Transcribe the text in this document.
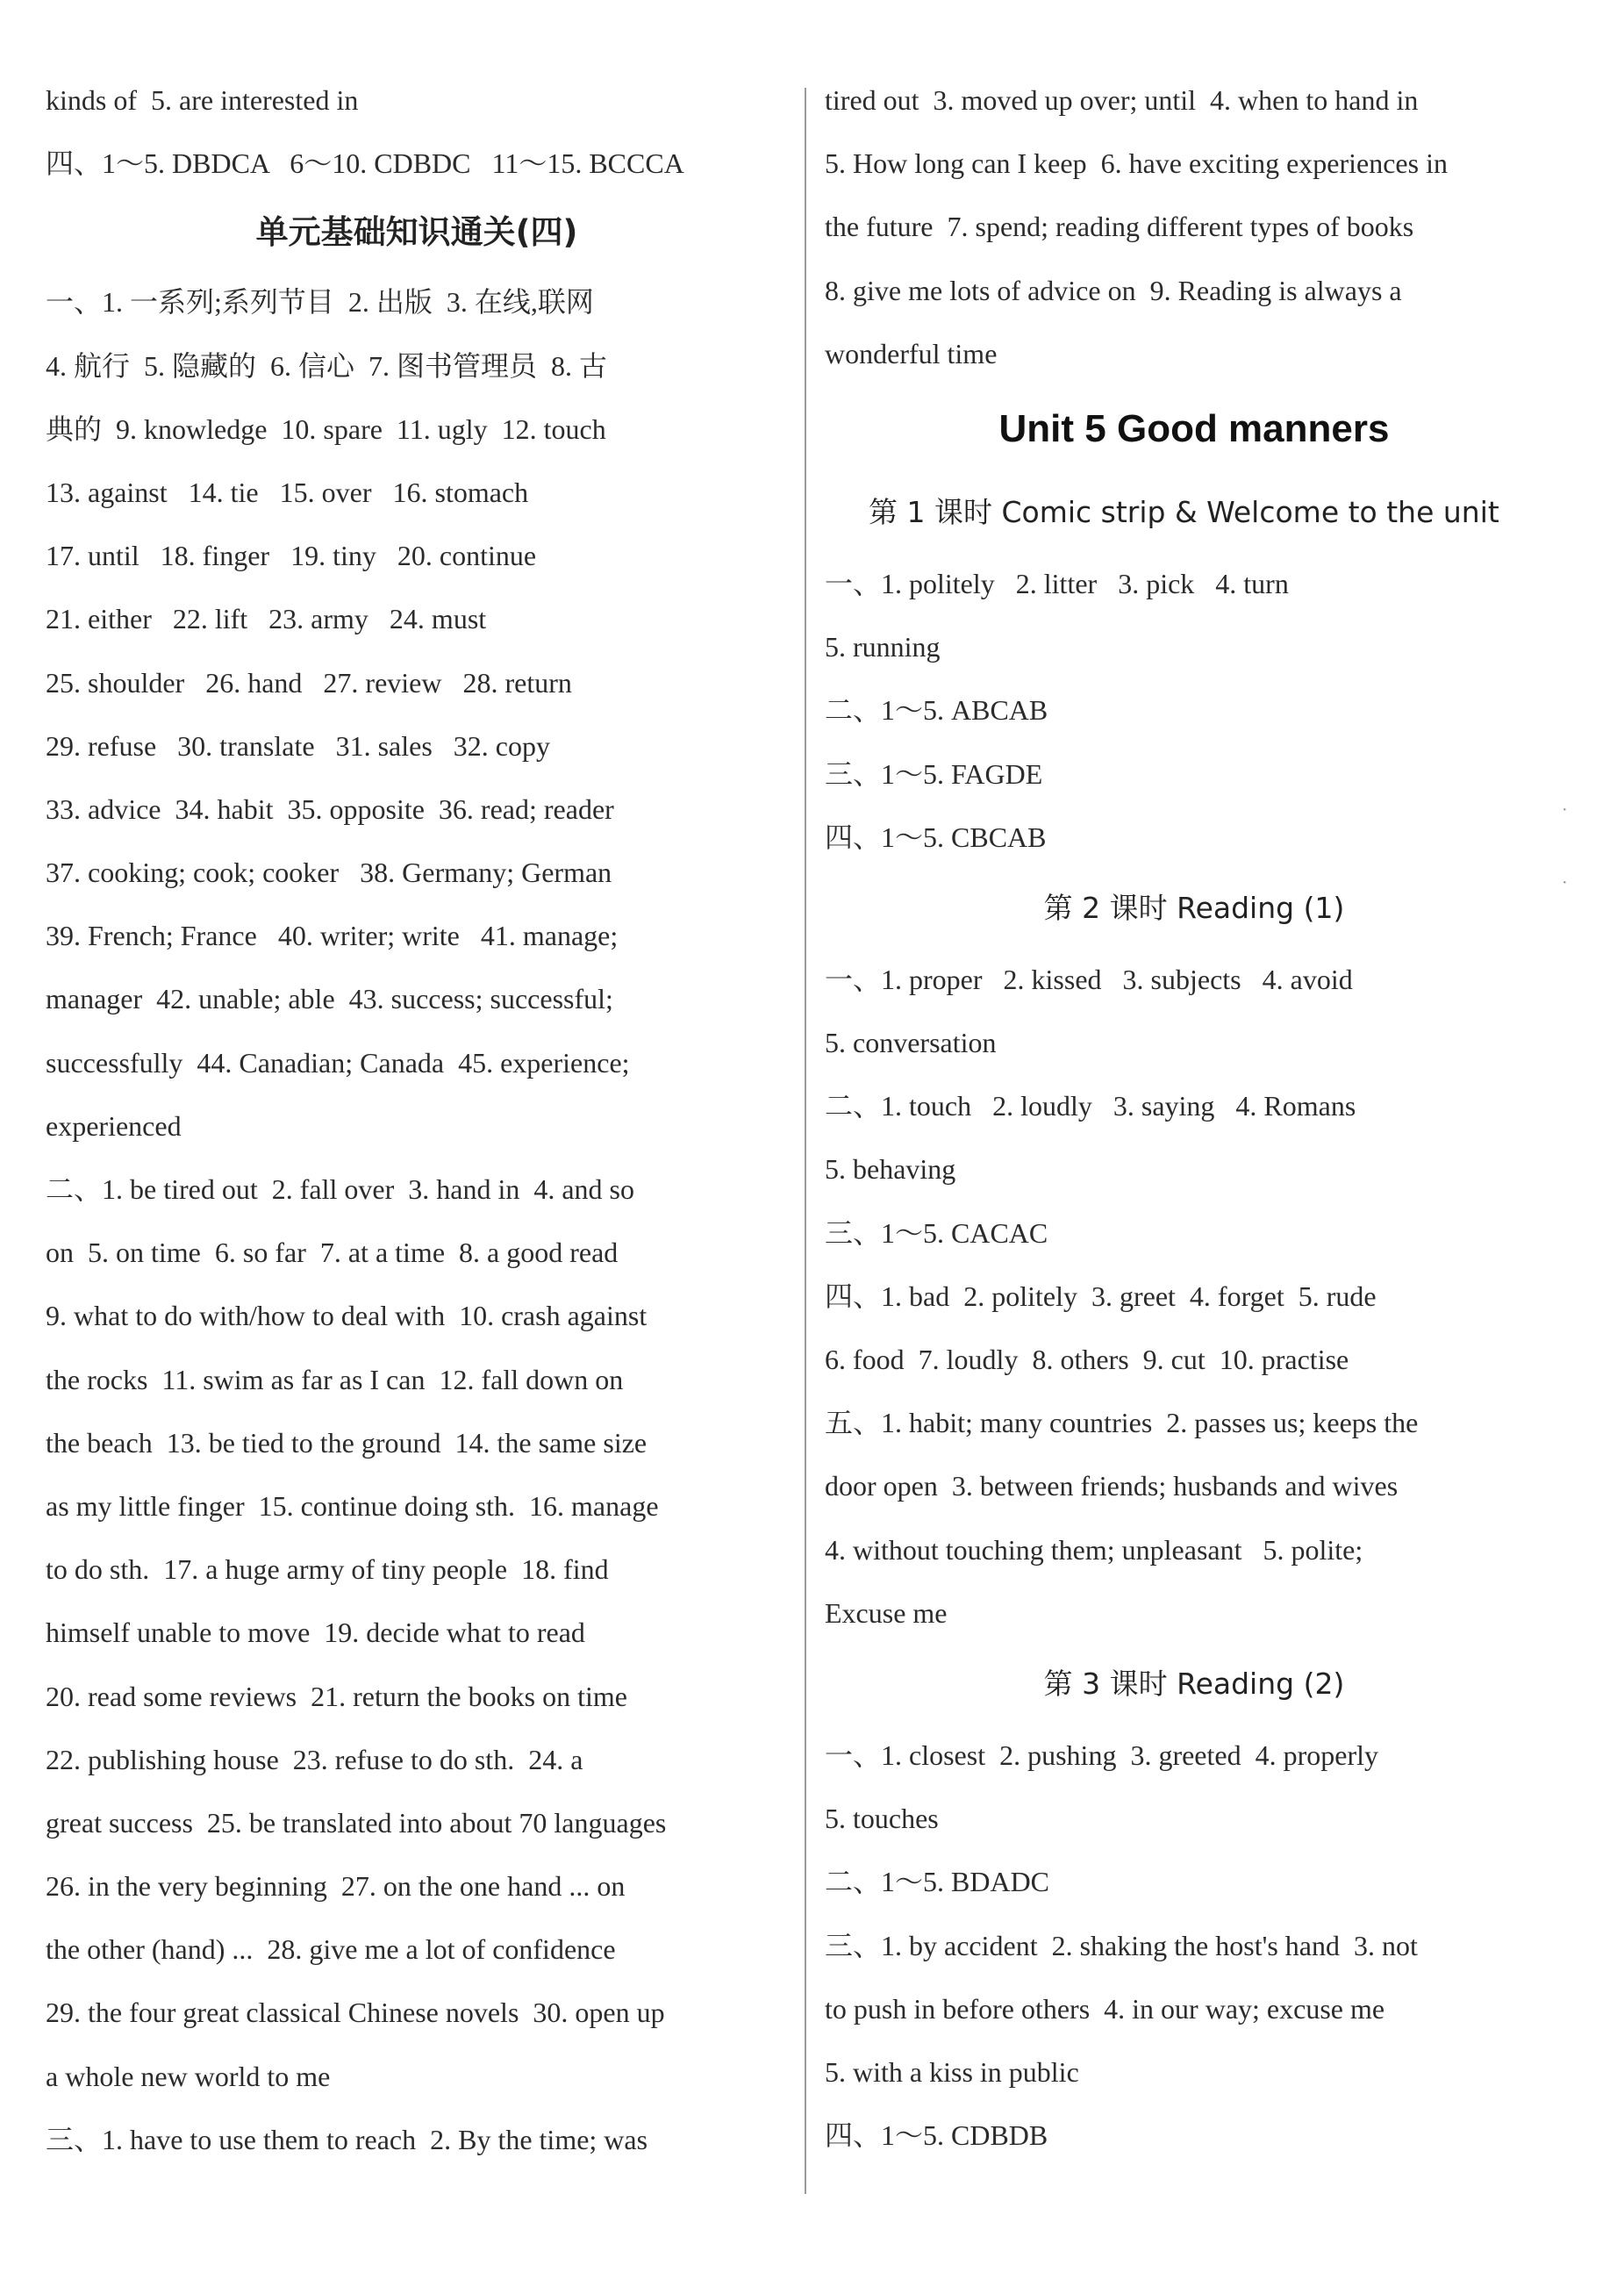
·
·
kinds of  5. are interested in
四、1～5. DBDCA   6～10. CDBDC   11～15. BCCCA
单元基础知识通关(四)
一、1. 一系列;系列节目  2. 出版  3. 在线,联网
4. 航行  5. 隐藏的  6. 信心  7. 图书管理员  8. 古
典的  9. knowledge  10. spare  11. ugly  12. touch
13. against   14. tie   15. over   16. stomach
17. until   18. finger   19. tiny   20. continue
21. either   22. lift   23. army   24. must
25. shoulder   26. hand   27. review   28. return
29. refuse   30. translate   31. sales   32. copy
33. advice  34. habit  35. opposite  36. read; reader
37. cooking; cook; cooker   38. Germany; German
39. French; France   40. writer; write   41. manage;
manager  42. unable; able  43. success; successful;
successfully  44. Canadian; Canada  45. experience;
experienced
二、1. be tired out  2. fall over  3. hand in  4. and so
on  5. on time  6. so far  7. at a time  8. a good read
9. what to do with/how to deal with  10. crash against
the rocks  11. swim as far as I can  12. fall down on
the beach  13. be tied to the ground  14. the same size
as my little finger  15. continue doing sth.  16. manage
to do sth.  17. a huge army of tiny people  18. find
himself unable to move  19. decide what to read
20. read some reviews  21. return the books on time
22. publishing house  23. refuse to do sth.  24. a
great success  25. be translated into about 70 languages
26. in the very beginning  27. on the one hand ... on
the other (hand) ...  28. give me a lot of confidence
29. the four great classical Chinese novels  30. open up
a whole new world to me
三、1. have to use them to reach  2. By the time; was
tired out  3. moved up over; until  4. when to hand in
5. How long can I keep  6. have exciting experiences in
the future  7. spend; reading different types of books
8. give me lots of advice on  9. Reading is always a
wonderful time
Unit 5 Good manners
第 1 课时 Comic strip & Welcome to the unit
一、1. politely   2. litter   3. pick   4. turn
5. running
二、1～5. ABCAB
三、1～5. FAGDE
四、1～5. CBCAB
第 2 课时 Reading (1)
一、1. proper   2. kissed   3. subjects   4. avoid
5. conversation
二、1. touch   2. loudly   3. saying   4. Romans
5. behaving
三、1～5. CACAC
四、1. bad  2. politely  3. greet  4. forget  5. rude
6. food  7. loudly  8. others  9. cut  10. practise
五、1. habit; many countries  2. passes us; keeps the
door open  3. between friends; husbands and wives
4. without touching them; unpleasant   5. polite;
Excuse me
第 3 课时 Reading (2)
一、1. closest  2. pushing  3. greeted  4. properly
5. touches
二、1～5. BDADC
三、1. by accident  2. shaking the host's hand  3. not
to push in before others  4. in our way; excuse me
5. with a kiss in public
四、1～5. CDBDB
